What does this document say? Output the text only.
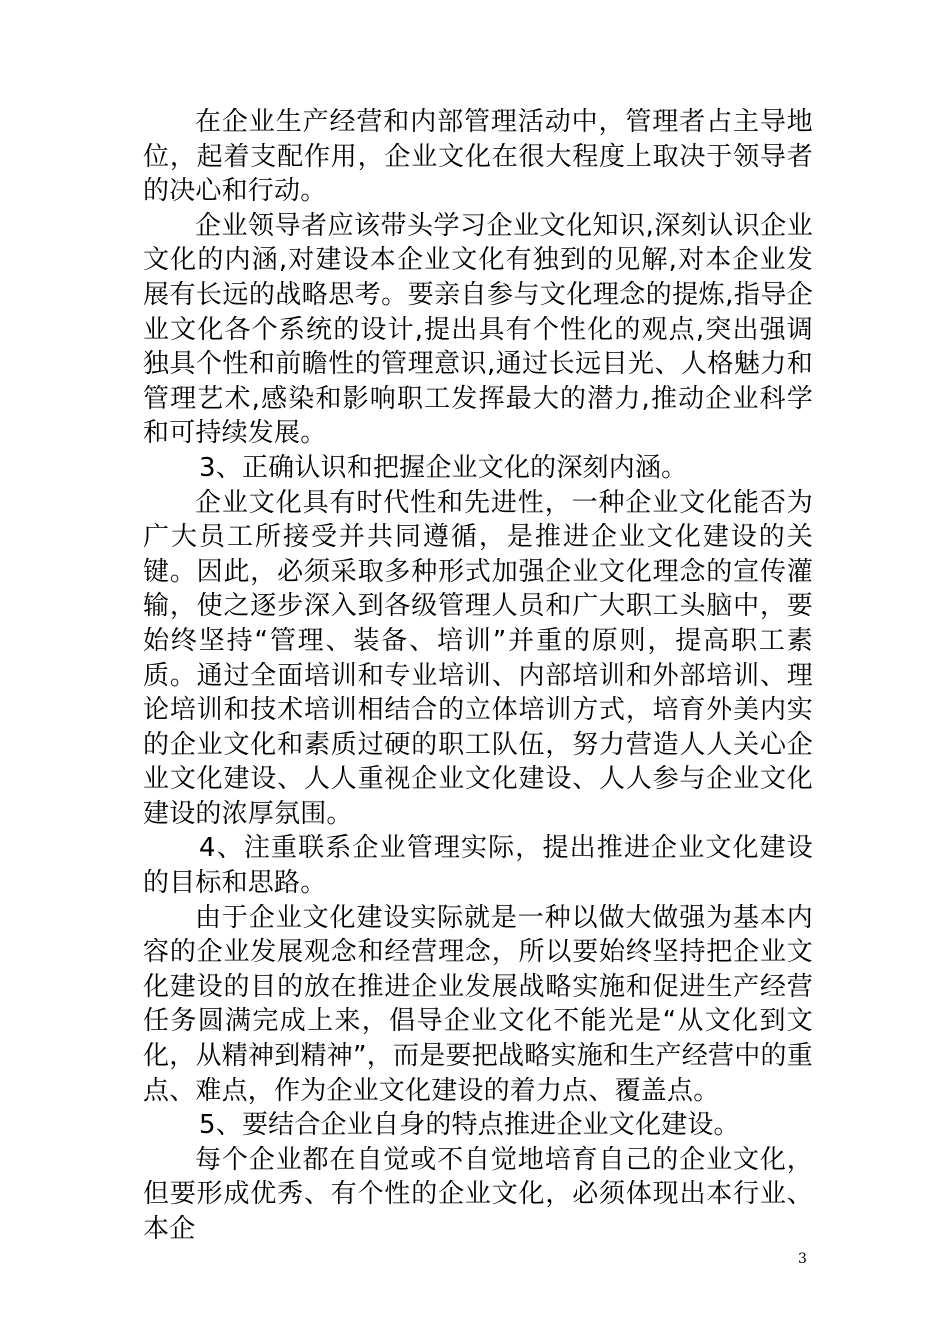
在企业生产经营和内部管理活动中，管理者占主导地位，起着支配作用，企业文化在很大程度上取决于领导者的决心和行动。

企业领导者应该带头学习企业文化知识,深刻认识企业文化的内涵,对建设本企业文化有独到的见解,对本企业发展有长远的战略思考。要亲自参与文化理念的提炼,指导企业文化各个系统的设计,提出具有个性化的观点,突出强调独具个性和前瞻性的管理意识,通过长远目光、人格魅力和管理艺术,感染和影响职工发挥最大的潜力,推动企业科学和可持续发展。

3、正确认识和把握企业文化的深刻内涵。

企业文化具有时代性和先进性，一种企业文化能否为广大员工所接受并共同遵循，是推进企业文化建设的关键。因此，必须采取多种形式加强企业文化理念的宣传灌输，使之逐步深入到各级管理人员和广大职工头脑中，要始终坚持“管理、装备、培训”并重的原则，提高职工素质。通过全面培训和专业培训、内部培训和外部培训、理论培训和技术培训相结合的立体培训方式，培育外美内实的企业文化和素质过硬的职工队伍，努力营造人人关心企业文化建设、人人重视企业文化建设、人人参与企业文化建设的浓厚氛围。

4、注重联系企业管理实际，提出推进企业文化建设的目标和思路。

由于企业文化建设实际就是一种以做大做强为基本内容的企业发展观念和经营理念，所以要始终坚持把企业文化建设的目的放在推进企业发展战略实施和促进生产经营任务圆满完成上来，倡导企业文化不能光是“从文化到文化，从精神到精神”，而是要把战略实施和生产经营中的重点、难点，作为企业文化建设的着力点、覆盖点。

5、要结合企业自身的特点推进企业文化建设。

每个企业都在自觉或不自觉地培育自己的企业文化，但要形成优秀、有个性的企业文化，必须体现出本行业、本企

3
